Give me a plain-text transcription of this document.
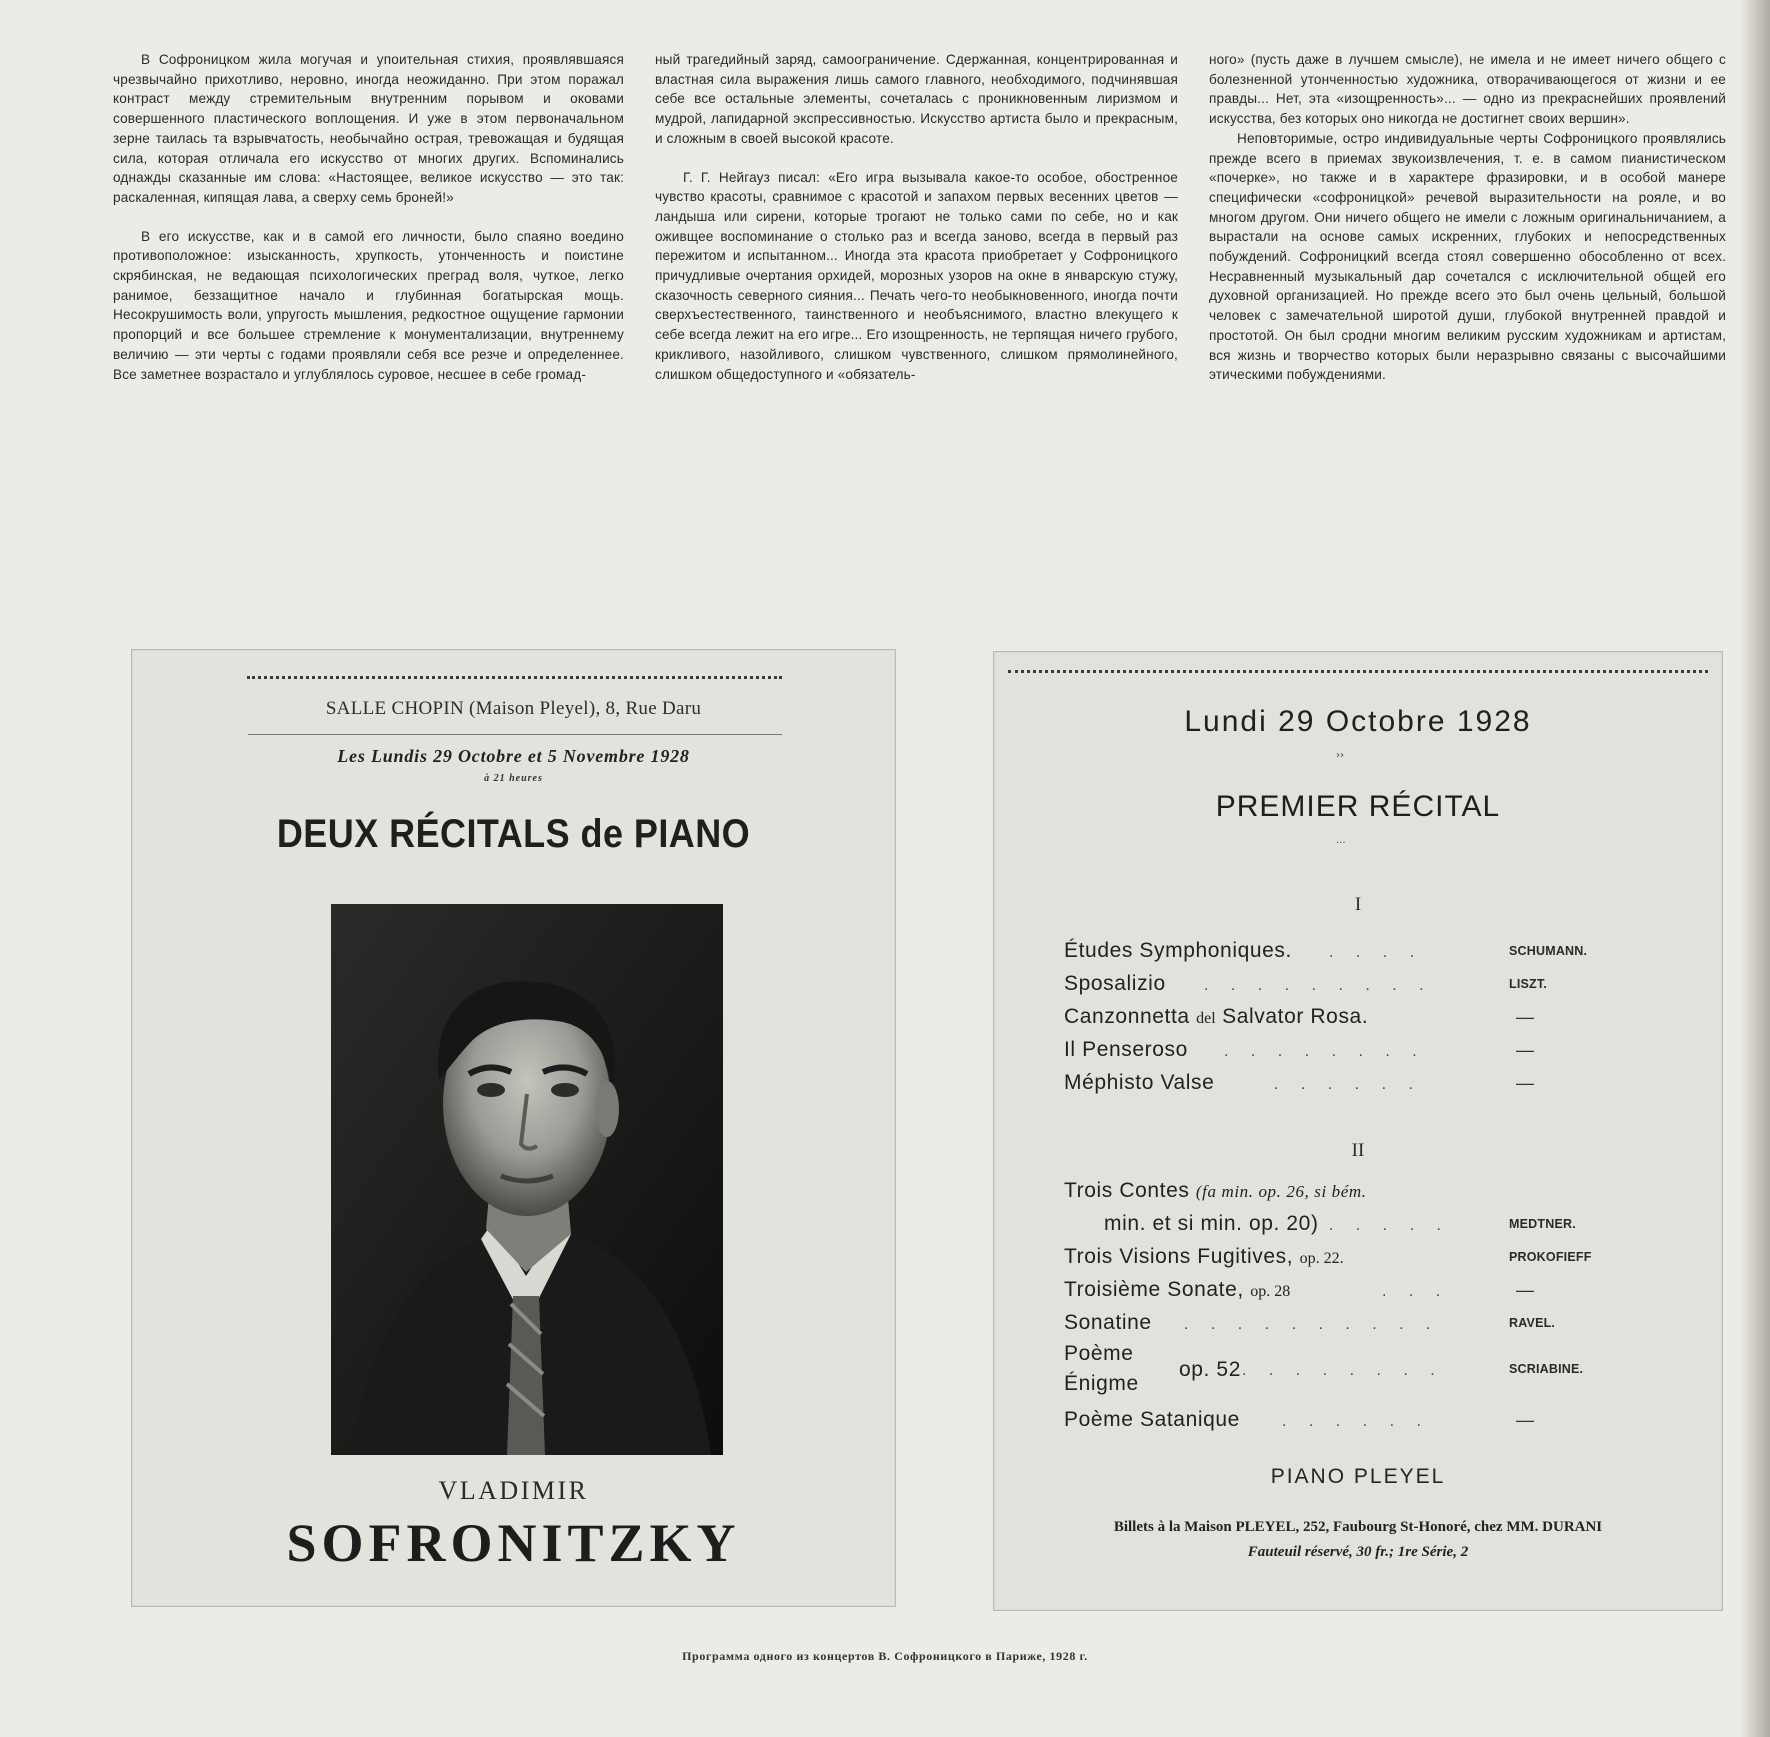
В Софроницком жила могучая и упоительная стихия, проявлявшаяся чрезвычайно прихотливо, неровно, иногда неожиданно. При этом поражал контраст между стремительным внутренним порывом и оковами совершенного пластического воплощения. И уже в этом первоначальном зерне таилась та взрывчатость, необычайно острая, тревожащая и будящая сила, которая отличала его искусство от многих других. Вспоминались однажды сказанные им слова: «Настоящее, великое искусство — это так: раскаленная, кипящая лава, а сверху семь броней!»

В его искусстве, как и в самой его личности, было спаяно воедино противоположное: изысканность, хрупкость, утонченность и поистине скрябинская, не ведающая психологических преград воля, чуткое, легко ранимое, беззащитное начало и глубинная богатырская мощь. Несокрушимость воли, упругость мышления, редкостное ощущение гармонии пропорций и все большее стремление к монументализации, внутреннему величию — эти черты с годами проявляли себя все резче и определеннее. Все заметнее возрастало и углублялось суровое, несшее в себе громад-

ный трагедийный заряд, самоограничение. Сдержанная, концентрированная и властная сила выражения лишь самого главного, необходимого, подчинявшая себе все остальные элементы, сочеталась с проникновенным лиризмом и мудрой, лапидарной экспрессивностью. Искусство артиста было и прекрасным, и сложным в своей высокой красоте.

Г. Г. Нейгауз писал: «Его игра вызывала какое-то особое, обостренное чувство красоты, сравнимое с красотой и запахом первых весенних цветов — ландыша или сирени, которые трогают не только сами по себе, но и как оживщее воспоминание о столько раз и всегда заново, всегда в первый раз пережитом и испытанном... Иногда эта красота приобретает у Софроницкого причудливые очертания орхидей, морозных узоров на окне в январскую стужу, сказочность северного сияния... Печать чего-то необыкновенного, иногда почти сверхъестественного, таинственного и необъяснимого, властно влекущего к себе всегда лежит на его игре... Его изощренность, не терпящая ничего грубого, крикливого, назойливого, слишком чувственного, слишком прямолинейного, слишком общедоступного и «обязатель-

ного» (пусть даже в лучшем смысле), не имела и не имеет ничего общего с болезненной утонченностью художника, отворачивающегося от жизни и ее правды... Нет, эта «изощренность»... — одно из прекраснейших проявлений искусства, без которых оно никогда не достигнет своих вершин».

Неповторимые, остро индивидуальные черты Софроницкого проявлялись прежде всего в приемах звукоизвлечения, т. е. в самом пианистическом «почерке», но также и в характере фразировки, и в особой манере специфически «софроницкой» речевой выразительности на рояле, и во многом другом. Они ничего общего не имели с ложным оригинальничанием, а вырастали на основе самых искренних, глубоких и непосредственных побуждений. Софроницкий всегда стоял совершенно обособленно от всех. Несравненный музыкальный дар сочетался с исключительной общей его духовной организацией. Но прежде всего это был очень цельный, большой человек с замечательной широтой души, глубокой внутренней правдой и простотой. Он был сродни многим великим русским художникам и артистам, вся жизнь и творчество которых были неразрывно связаны с высочайшими этическими побуждениями.

SALLE CHOPIN (Maison Pleyel), 8, Rue Daru
Les Lundis 29 Octobre et 5 Novembre 1928
à 21 heures
DEUX RÉCITALS de PIANO
VLADIMIR
SOFRONITZKY
Lundi 29 Octobre 1928
››
PREMIER RÉCITAL
···
I
Études Symphoniques. . . . .	SCHUMANN.
Sposalizio . . . . . . . . .	LISZT.
Canzonnetta del Salvator Rosa.	—
Il Penseroso . . . . . . . .	—
Méphisto Valse	. . . . . .	—
II
Trois Contes (fa min. op. 26, si bém.
min. et si min. op. 20)
. . . . . .	MEDTNER.
Trois Visions Fugitives, op. 22.	PROKOFIEFF
Troisième Sonate, op. 28	. . .	—
Sonatine . . . . . . . . . .	RAVEL.
Poème
Énigme
op. 52 . . . . . . . .	SCRIABINE.
Poème Satanique	. . . . . .	—
PIANO PLEYEL
Billets à la Maison PLEYEL, 252, Faubourg St-Honoré, chez MM. DURANI
Fauteuil réservé, 30 fr.; 1re Série, 2
Программа одного из концертов В. Софроницкого в Париже, 1928 г.
